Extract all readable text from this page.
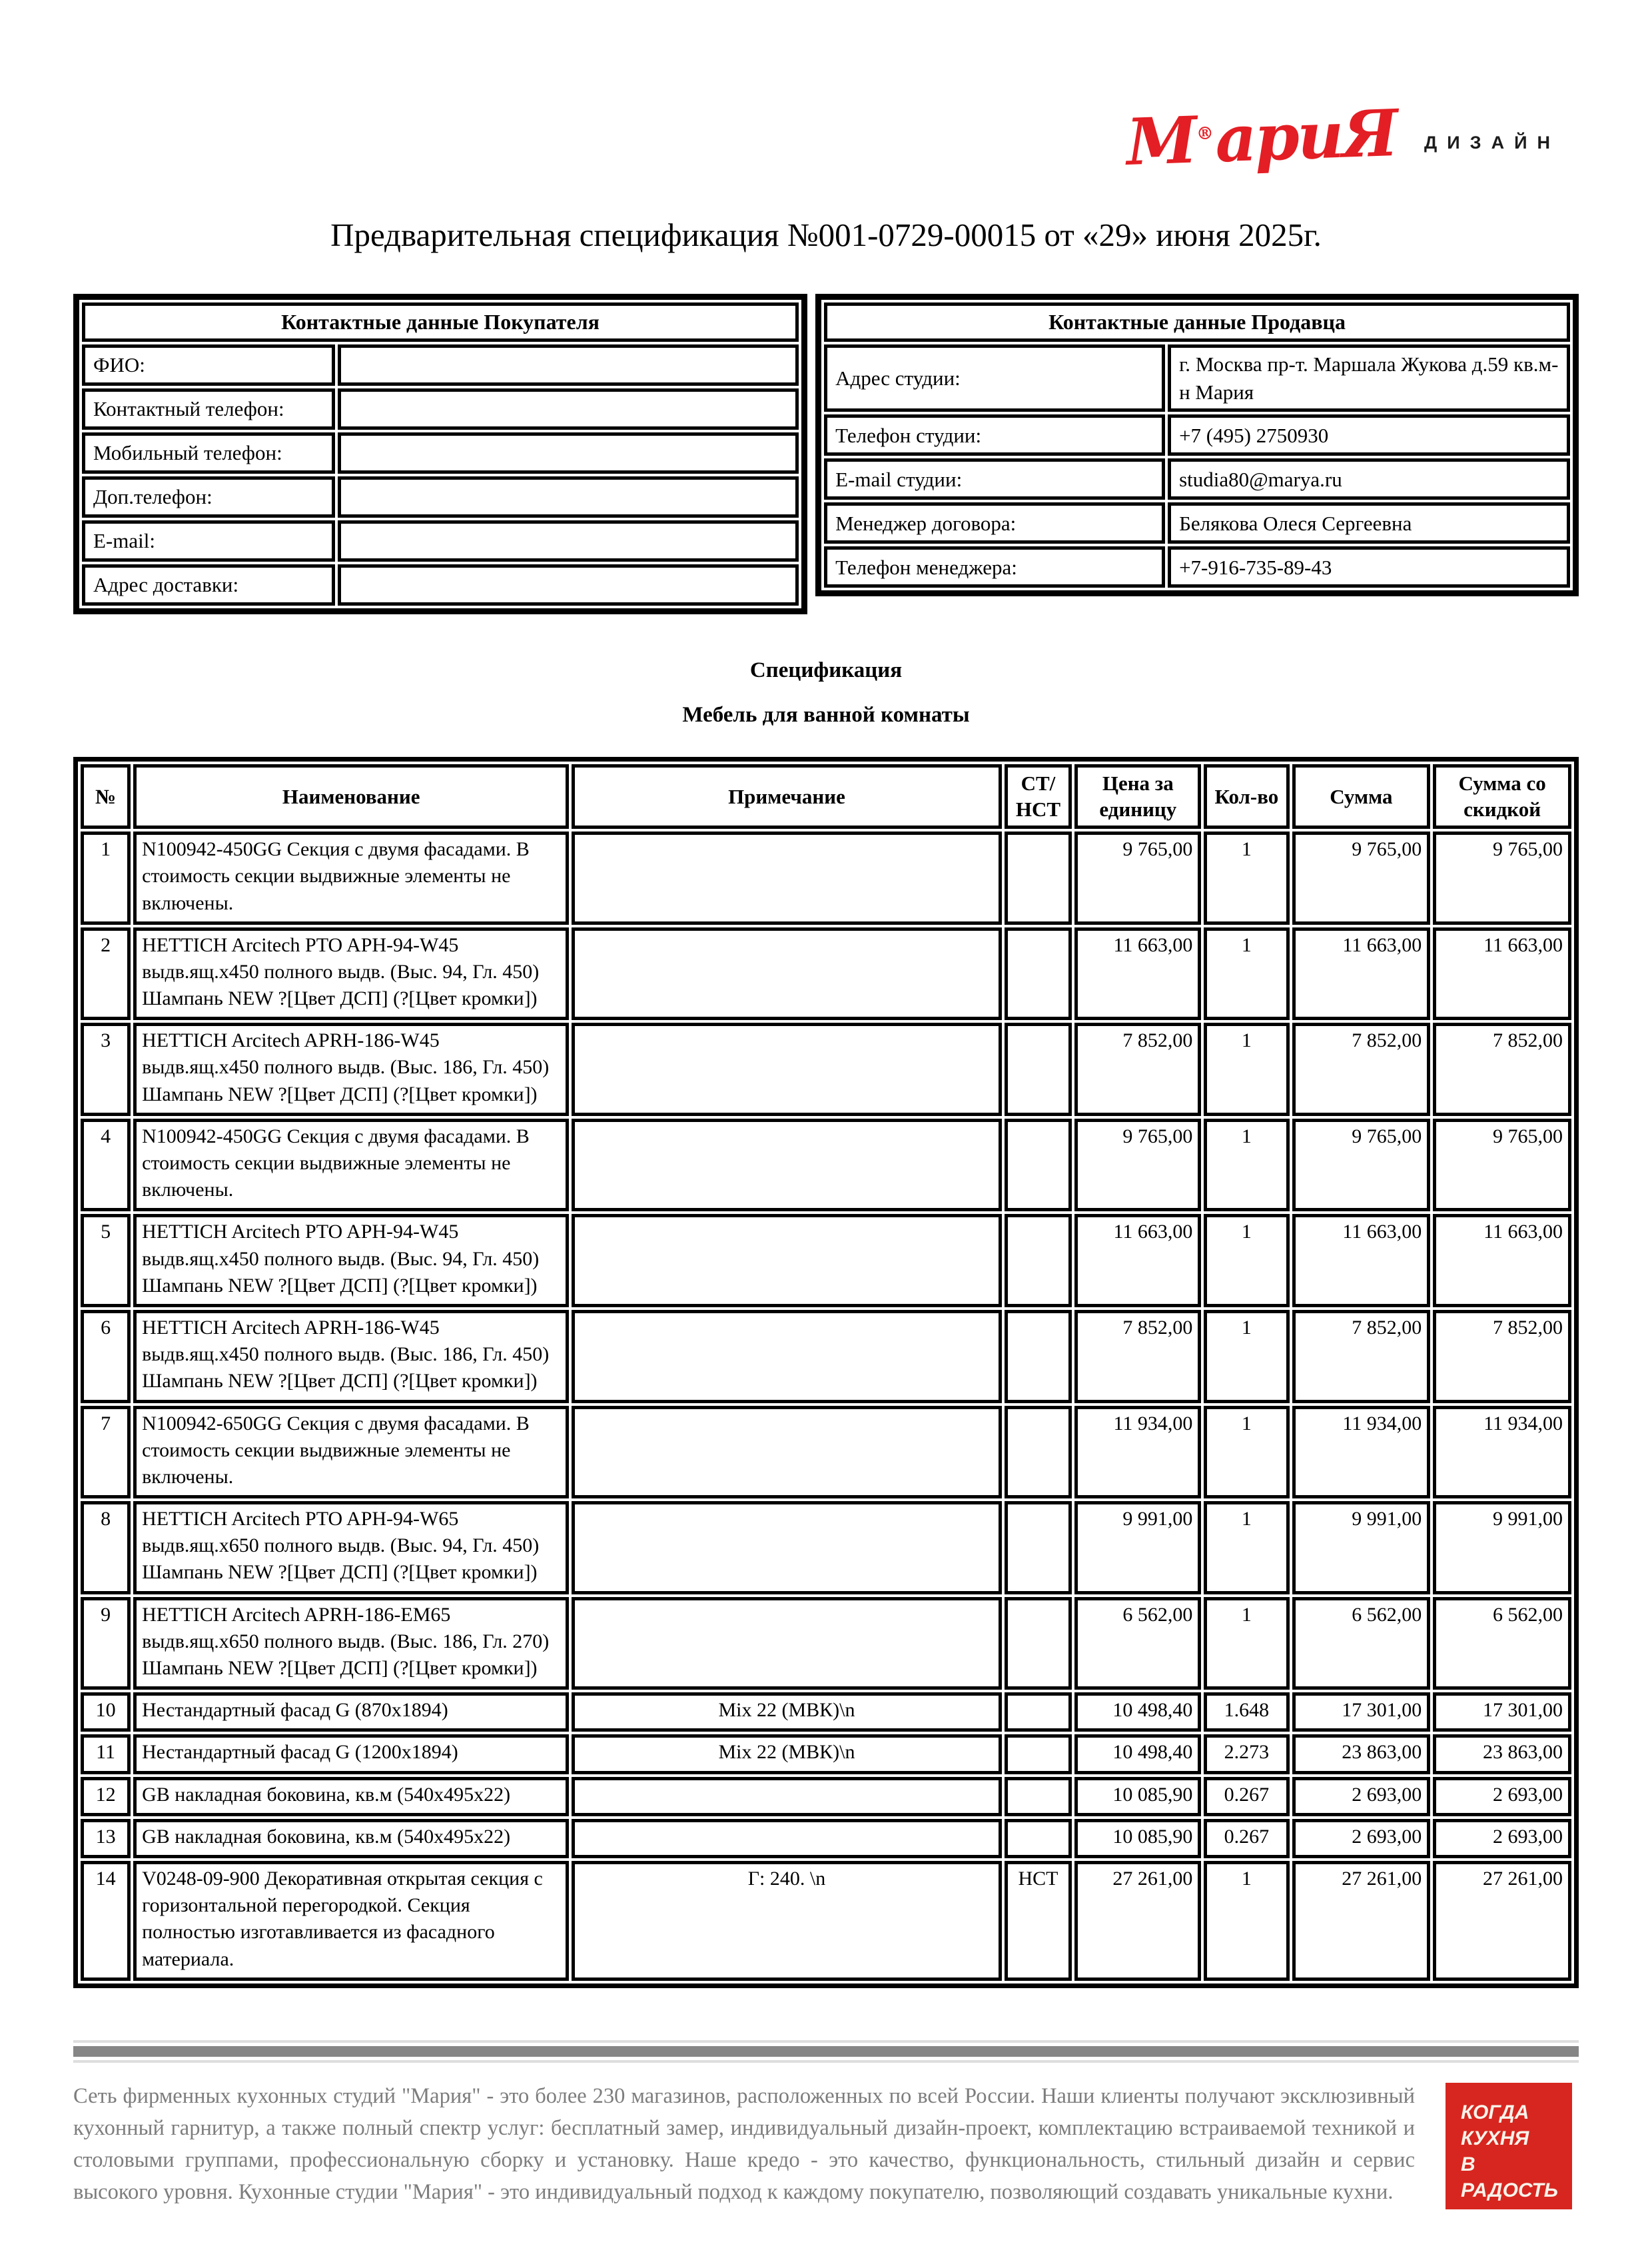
М®ариЯ ДИЗАЙН
Предварительная спецификация №001-0729-00015 от «29» июня 2025г.
Контактные данные Покупателя	
ФИО:	
Контактный телефон:	
Мобильный телефон:	
Доп.телефон:	
E-mail:	
Адрес доставки:	
Контактные данные Продавца	
Адрес студии:	г. Москва пр-т. Маршала Жукова д.59 кв.м-н Мария
Телефон студии:	+7 (495) 2750930
E-mail студии:	studia80@marya.ru
Менеджер договора:	Белякова Олеся Сергеевна
Телефон менеджера:	+7-916-735-89-43
Спецификация
Мебель для ванной комнаты
№	Наименование	Примечание	СТ/ НСТ	Цена за единицу	Кол-во	Сумма	Сумма со скидкой
1	N100942-450GG Секция с двумя фасадами. В стоимость секции выдвижные элементы не включены.			9 765,00	1	9 765,00	9 765,00
2	HETTICH Arcitech PTO APH-94-W45 выдв.ящ.x450 полного выдв. (Выс. 94, Гл. 450) Шампань NEW ?[Цвет ДСП] (?[Цвет кромки])			11 663,00	1	11 663,00	11 663,00
3	HETTICH Arcitech APRH-186-W45 выдв.ящ.x450 полного выдв. (Выс. 186, Гл. 450) Шампань NEW ?[Цвет ДСП] (?[Цвет кромки])			7 852,00	1	7 852,00	7 852,00
4	N100942-450GG Секция с двумя фасадами. В стоимость секции выдвижные элементы не включены.			9 765,00	1	9 765,00	9 765,00
5	HETTICH Arcitech PTO APH-94-W45 выдв.ящ.x450 полного выдв. (Выс. 94, Гл. 450) Шампань NEW ?[Цвет ДСП] (?[Цвет кромки])			11 663,00	1	11 663,00	11 663,00
6	HETTICH Arcitech APRH-186-W45 выдв.ящ.x450 полного выдв. (Выс. 186, Гл. 450) Шампань NEW ?[Цвет ДСП] (?[Цвет кромки])			7 852,00	1	7 852,00	7 852,00
7	N100942-650GG Секция с двумя фасадами. В стоимость секции выдвижные элементы не включены.			11 934,00	1	11 934,00	11 934,00
8	HETTICH Arcitech PTO APH-94-W65 выдв.ящ.x650 полного выдв. (Выс. 94, Гл. 450) Шампань NEW ?[Цвет ДСП] (?[Цвет кромки])			9 991,00	1	9 991,00	9 991,00
9	HETTICH Arcitech APRH-186-EM65 выдв.ящ.x650 полного выдв. (Выс. 186, Гл. 270) Шампань NEW ?[Цвет ДСП] (?[Цвет кромки])			6 562,00	1	6 562,00	6 562,00
10	Нестандартный фасад G (870x1894)	Mix 22 (МВК)\n		10 498,40	1.648	17 301,00	17 301,00
11	Нестандартный фасад G (1200x1894)	Mix 22 (МВК)\n		10 498,40	2.273	23 863,00	23 863,00
12	GB накладная боковина, кв.м (540x495x22)			10 085,90	0.267	2 693,00	2 693,00
13	GB накладная боковина, кв.м (540x495x22)			10 085,90	0.267	2 693,00	2 693,00
14	V0248-09-900 Декоративная открытая секция с горизонтальной перегородкой. Секция полностью изготавливается из фасадного материала.	Г: 240. \n	НСТ	27 261,00	1	27 261,00	27 261,00
КОГДА
КУХНЯ
В РАДОСТЬ

Сеть фирменных кухонных студий "Мария" - это более 230 магазинов, расположенных по всей России. Наши клиенты получают эксклюзивный кухонный гарнитур, а также полный спектр услуг: бесплатный замер, индивидуальный дизайн-проект, комплектацию встраиваемой техникой и столовыми группами, профессиональную сборку и установку. Наше кредо - это качество, функциональность, стильный дизайн и сервис высокого уровня. Кухонные студии "Мария" - это индивидуальный подход к каждому покупателю, позволяющий создавать уникальные кухни.
